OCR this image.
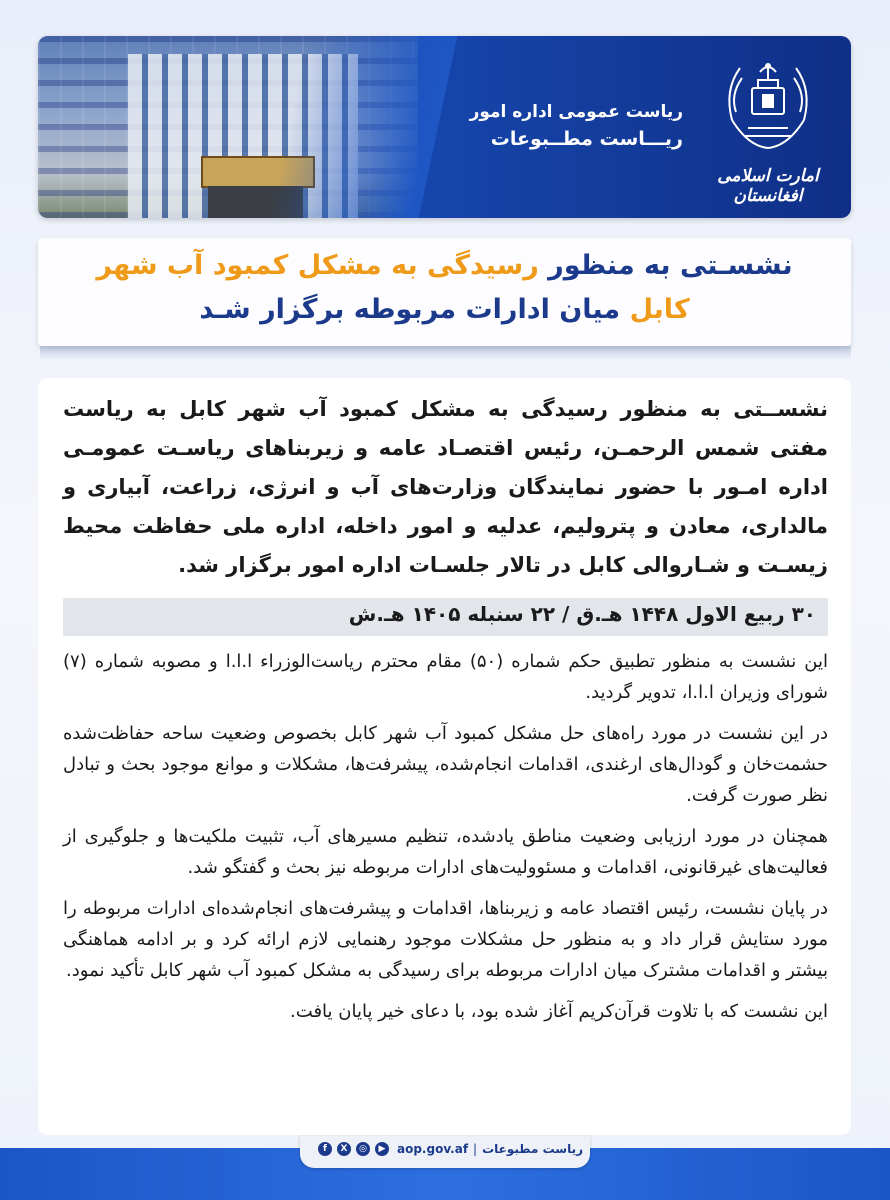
ریاست عمومی اداره امور
ریـــاست مطــبوعات
امارت اسلامی افغانستان
نشسـتی به منظور رسیدگی به مشکل کمبود آب شهر
کابل میان ادارات مربوطه برگزار شـد
نشســتی به منظور رسیدگی به مشکل کمبود آب شهر کابل به ریاست مفتی شمس الرحمـن، رئیس اقتصـاد عامه و زیربناهای ریاسـت عمومـی اداره امـور با حضور نمایندگان وزارت‌های آب و انرژی، زراعت، آبیاری و مالداری، معادن و پترولیم، عدلیه و امور داخله، اداره ملی حفاظت محیط زیسـت و شـاروالی کابل در تالار جلسـات اداره امور برگزار شد.
۳۰ ربیع الاول ۱۴۴۸ هـ.ق / ۲۲ سنبله ۱۴۰۵ هـ.ش

این نشست به منظور تطبیق حکم شماره (۵۰) مقام محترم ریاست‌الوزراء ا.ا.ا و مصوبه شماره (۷) شورای وزیران ا.ا.ا، تدویر گردید.

در این نشست در مورد راه‌های حل مشکل کمبود آب شهر کابل بخصوص وضعیت ساحه حفاظت‌شده حشمت‌خان و گودال‌های ارغندی، اقدامات انجام‌شده، پیشرفت‌ها، مشکلات و موانع موجود بحث و تبادل نظر صورت گرفت.

همچنان در مورد ارزیابی وضعیت مناطق یادشده، تنظیم مسیرهای آب، تثبیت ملکیت‌ها و جلوگیری از فعالیت‌های غیرقانونی، اقدامات و مسئوولیت‌های ادارات مربوطه نیز بحث و گفتگو شد.

در پایان نشست، رئیس اقتصاد عامه و زیربناها، اقدامات و پیشرفت‌های انجام‌شده‌ای ادارات مربوطه را مورد ستایش قرار داد و به منظور حل مشکلات موجود رهنمایی لازم ارائه کرد و بر ادامه هماهنگی بیشتر و اقدامات مشترک میان ادارات مربوطه برای رسیدگی به مشکل کمبود آب شهر کابل تأکید نمود.

این نشست که با تلاوت قرآن‌کریم آغاز شده بود، با دعای خیر پایان یافت.

f	X	◎	▶ aop.gov.af | ریاست مطبوعات
